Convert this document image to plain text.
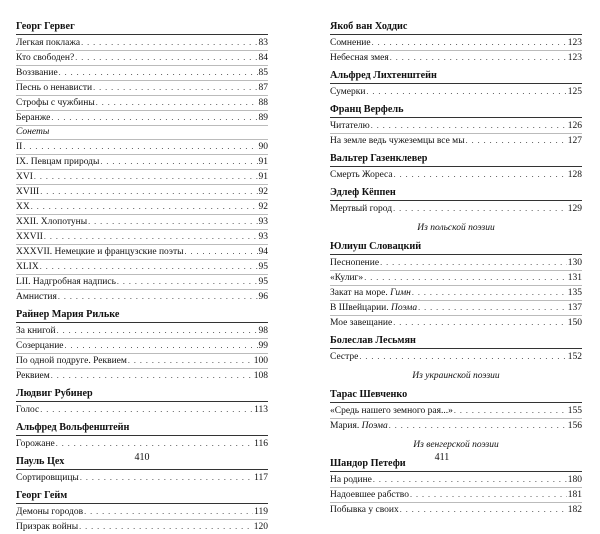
Георг Гервег
Легкая поклажа . . .	83
Кто свободен? . . .	84
Воззвание . . .	85
Песнь о ненависти . . .	87
Строфы с чужбины . . .	88
Беранже . . .	89
Сонеты
II . . .	90
IX. Певцам природы . . .	91
XVI . . .	91
XVIII . . .	92
XX . . .	92
XXII. Хлопотуны . . .	93
XXVII . . .	93
XXXVII. Немецкие и французские поэты . . .	94
XLIX . . .	95
LII. Надгробная надпись . . .	95
Амнистия . . .	96
Райнер Мария Рильке
За книгой . . .	98
Созерцание . . .	99
По одной подруге. Реквием . . .	100
Реквием . . .	108
Людвиг Рубинер
Голос . . .	113
Альфред Вольфенштейн
Горожане . . .	116
Пауль Цех
Сортировщицы . . .	117
Георг Гейм
Демоны городов . . .	119
Призрак войны . . .	120
410
Якоб ван Ходдис
Сомнение . . .	123
Небесная змея . . .	123
Альфред Лихтенштейн
Сумерки . . .	125
Франц Верфель
Читателю . . .	126
На земле ведь чужеземцы все мы . . .	127
Вальтер Газенклевер
Смерть Жореса . . .	128
Эдлеф Кёппен
Мертвый город . . .	129
Из польской поэзии
Юлиуш Словацкий
Песнопение . . .	130
«Кулиг» . . .	131
Закат на море. Гимн . . .	135
В Швейцарии. Поэма . . .	137
Мое завещание . . .	150
Болеслав Лесьмян
Сестре . . .	152
Из украинской поэзии
Тарас Шевченко
«Средь нашего земного рая...» . . .	155
Мария. Поэма . . .	156
Из венгерской поэзии
Шандор Петефи
На родине . . .	180
Надоевшее рабство . . .	181
Побывка у своих . . .	182
411
